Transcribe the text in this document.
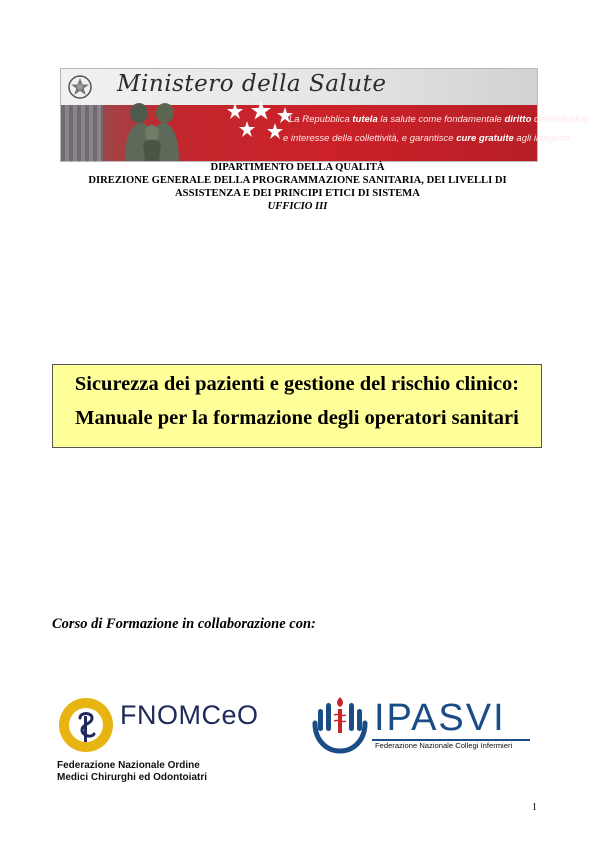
Ministero della Salute
La Repubblica tutela la salute come fondamentale diritto dell'individuo
e interesse della collettività, e garantisce cure gratuite agli indigenti.
DIPARTIMENTO DELLA QUALITÀ
DIREZIONE GENERALE DELLA PROGRAMMAZIONE SANITARIA, DEI LIVELLI DI
ASSISTENZA E DEI PRINCIPI ETICI DI SISTEMA
UFFICIO III
Sicurezza dei pazienti e gestione del rischio clinico:
Manuale per la formazione degli operatori sanitari
Corso di Formazione in collaborazione con:
FNOMCeO
Federazione Nazionale Ordine
Medici Chirurghi ed Odontoiatri
IPASVI
Federazione Nazionale Collegi Infermieri
1
